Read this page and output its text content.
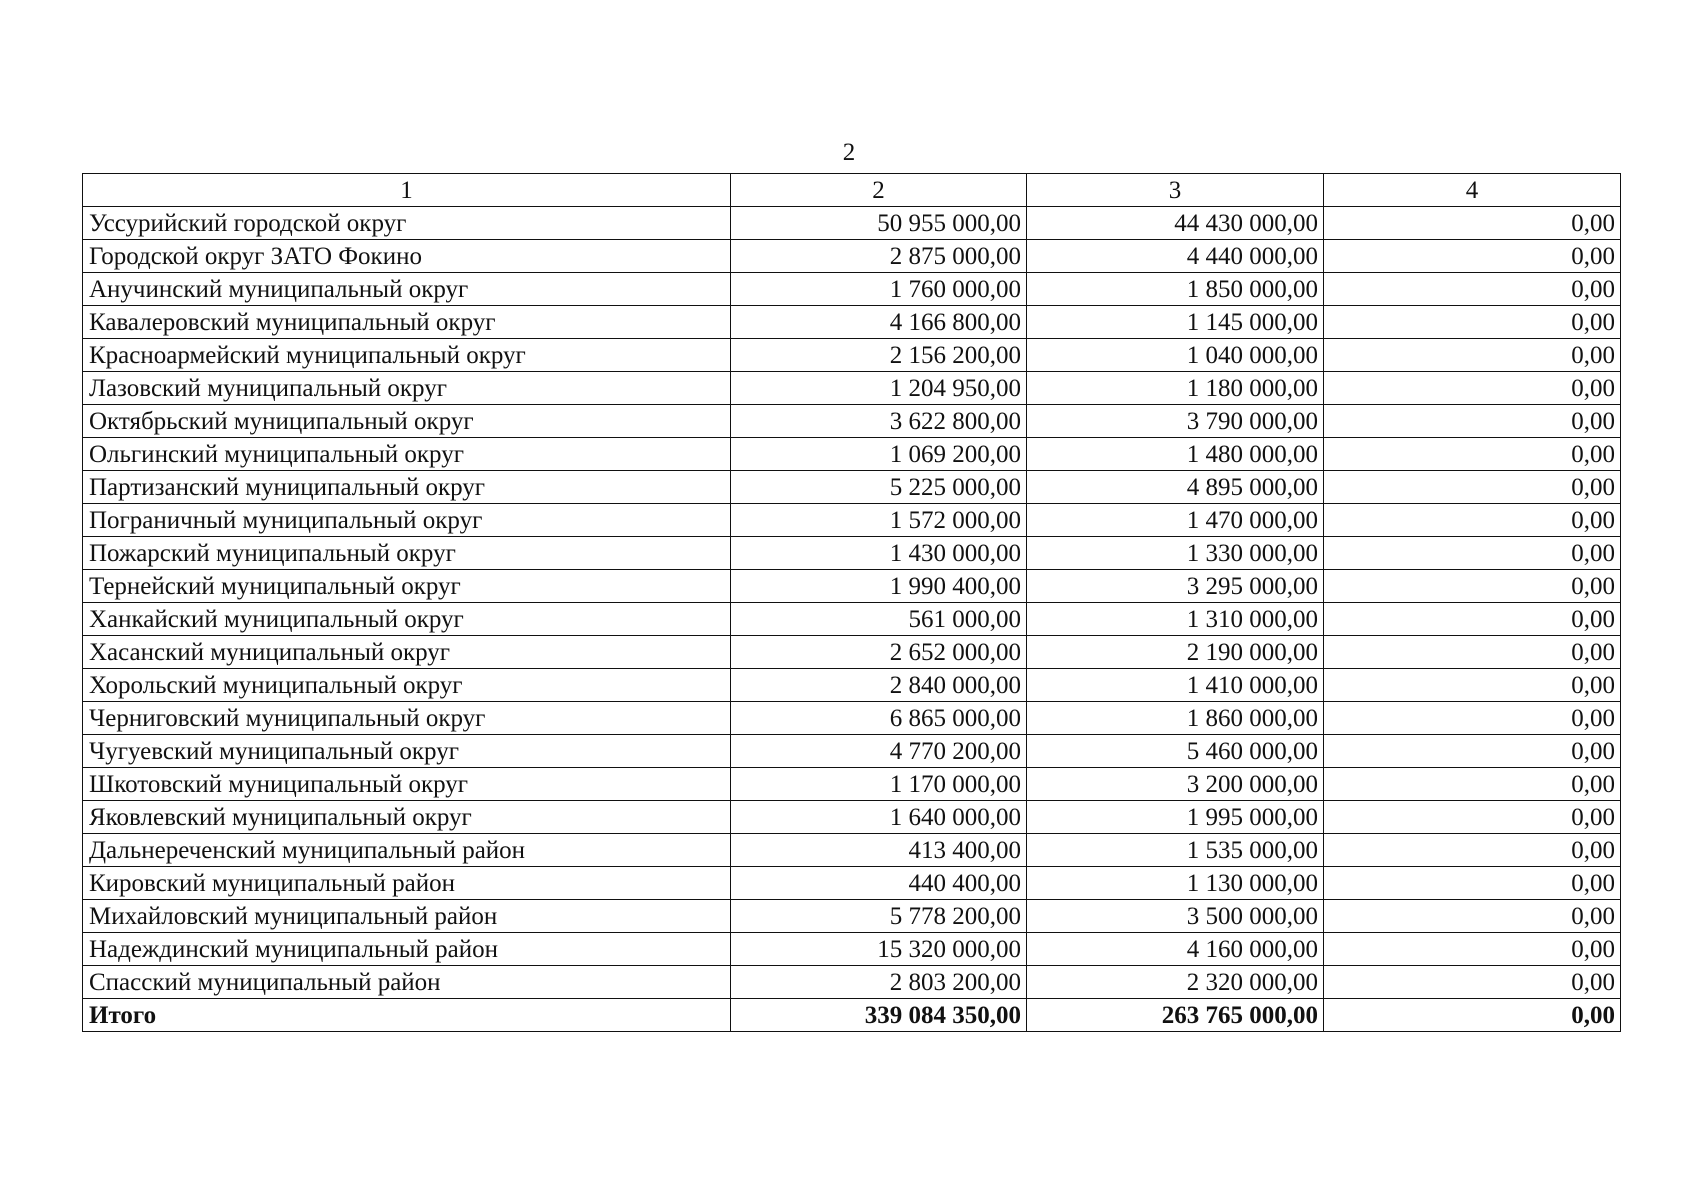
2
1	2	3	4
Уссурийский городской округ	50 955 000,00	44 430 000,00	0,00
Городской округ ЗАТО Фокино	2 875 000,00	4 440 000,00	0,00
Анучинский муниципальный округ	1 760 000,00	1 850 000,00	0,00
Кавалеровский муниципальный округ	4 166 800,00	1 145 000,00	0,00
Красноармейский муниципальный округ	2 156 200,00	1 040 000,00	0,00
Лазовский муниципальный округ	1 204 950,00	1 180 000,00	0,00
Октябрьский муниципальный округ	3 622 800,00	3 790 000,00	0,00
Ольгинский муниципальный округ	1 069 200,00	1 480 000,00	0,00
Партизанский муниципальный округ	5 225 000,00	4 895 000,00	0,00
Пограничный муниципальный округ	1 572 000,00	1 470 000,00	0,00
Пожарский муниципальный округ	1 430 000,00	1 330 000,00	0,00
Тернейский муниципальный округ	1 990 400,00	3 295 000,00	0,00
Ханкайский муниципальный округ	561 000,00	1 310 000,00	0,00
Хасанский муниципальный округ	2 652 000,00	2 190 000,00	0,00
Хорольский муниципальный округ	2 840 000,00	1 410 000,00	0,00
Черниговский муниципальный округ	6 865 000,00	1 860 000,00	0,00
Чугуевский муниципальный округ	4 770 200,00	5 460 000,00	0,00
Шкотовский муниципальный округ	1 170 000,00	3 200 000,00	0,00
Яковлевский муниципальный округ	1 640 000,00	1 995 000,00	0,00
Дальнереченский муниципальный район	413 400,00	1 535 000,00	0,00
Кировский муниципальный район	440 400,00	1 130 000,00	0,00
Михайловский муниципальный район	5 778 200,00	3 500 000,00	0,00
Надеждинский муниципальный район	15 320 000,00	4 160 000,00	0,00
Спасский муниципальный район	2 803 200,00	2 320 000,00	0,00
Итого	339 084 350,00	263 765 000,00	0,00
